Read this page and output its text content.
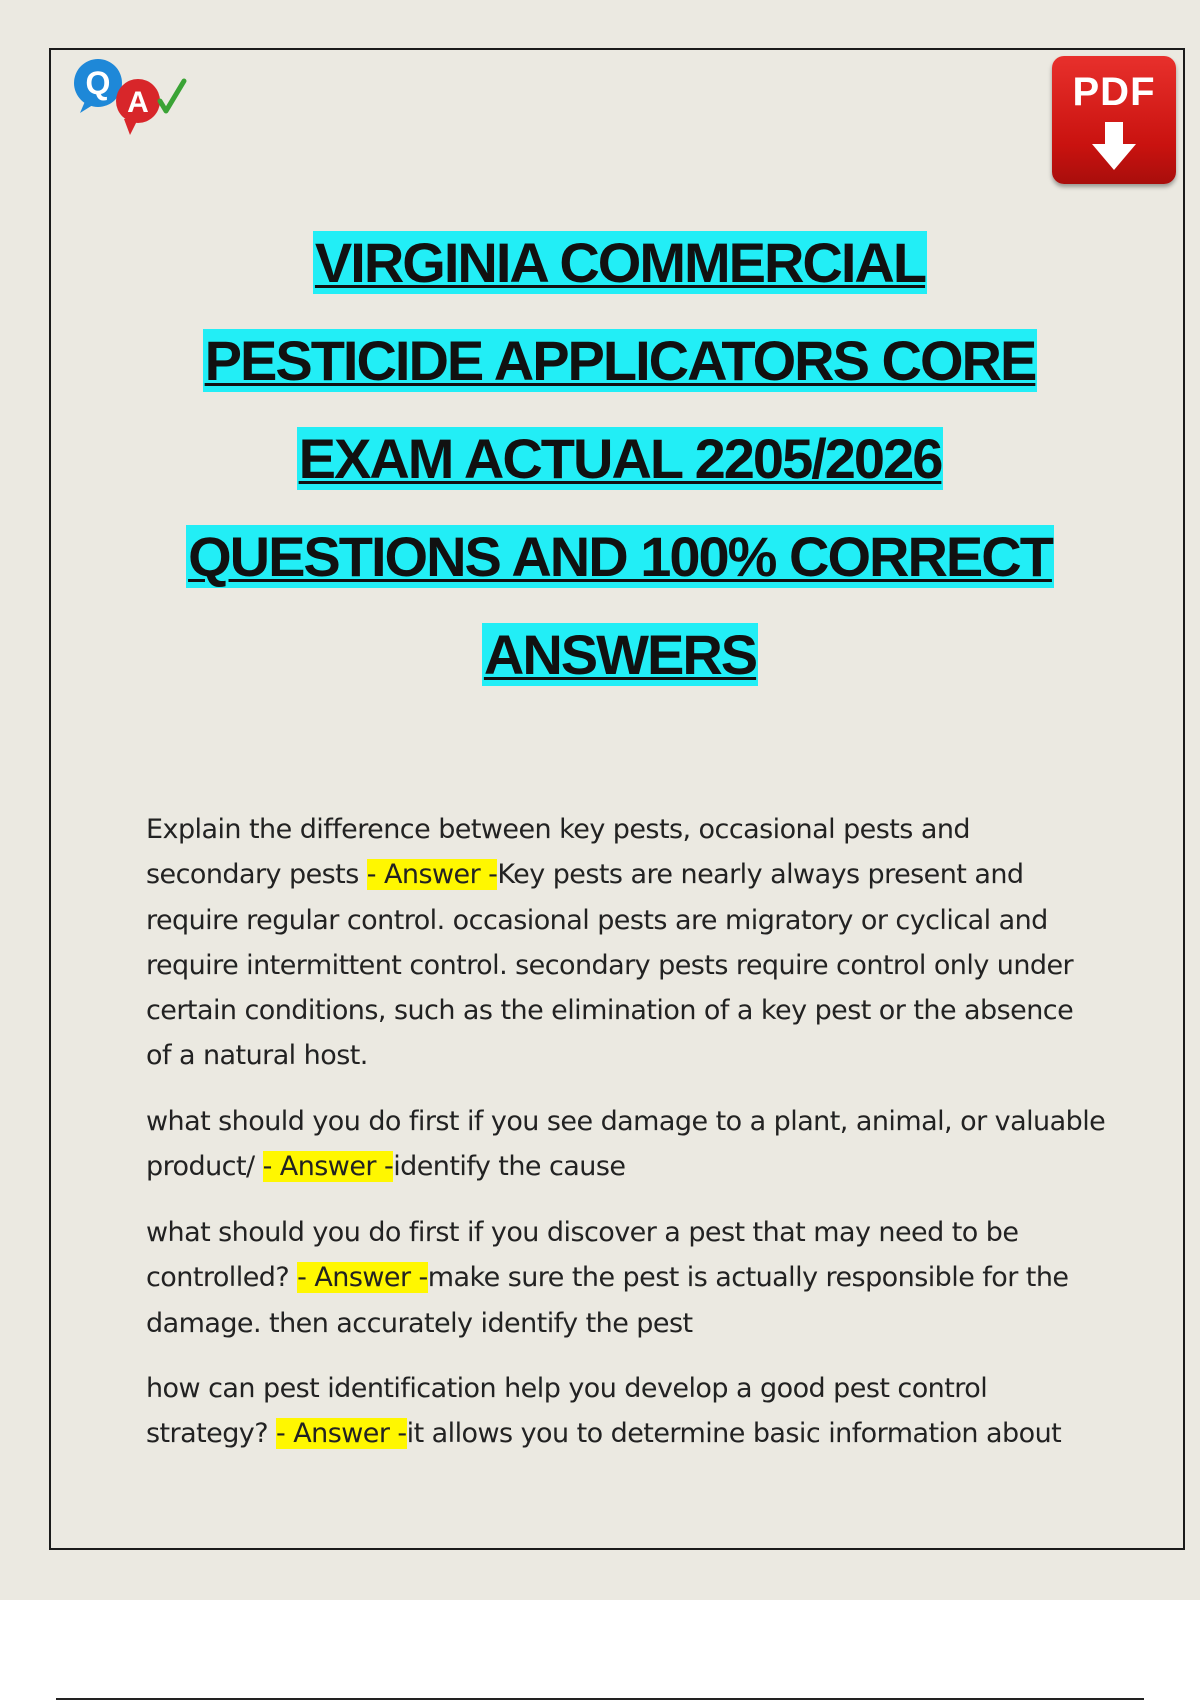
Q
A	PDF
VIRGINIA COMMERCIAL
PESTICIDE APPLICATORS CORE
EXAM ACTUAL 2205/2026
QUESTIONS AND 100% CORRECT
ANSWERS
Explain the difference between key pests, occasional pests and secondary pests - Answer -Key pests are nearly always present and require regular control. occasional pests are migratory or cyclical and require intermittent control. secondary pests require control only under certain conditions, such as the elimination of a key pest or the absence of a natural host.
what should you do first if you see damage to a plant, animal, or valuable product/ - Answer -identify the cause
what should you do first if you discover a pest that may need to be controlled? - Answer -make sure the pest is actually responsible for the damage. then accurately identify the pest
how can pest identification help you develop a good pest control strategy? - Answer -it allows you to determine basic information about
